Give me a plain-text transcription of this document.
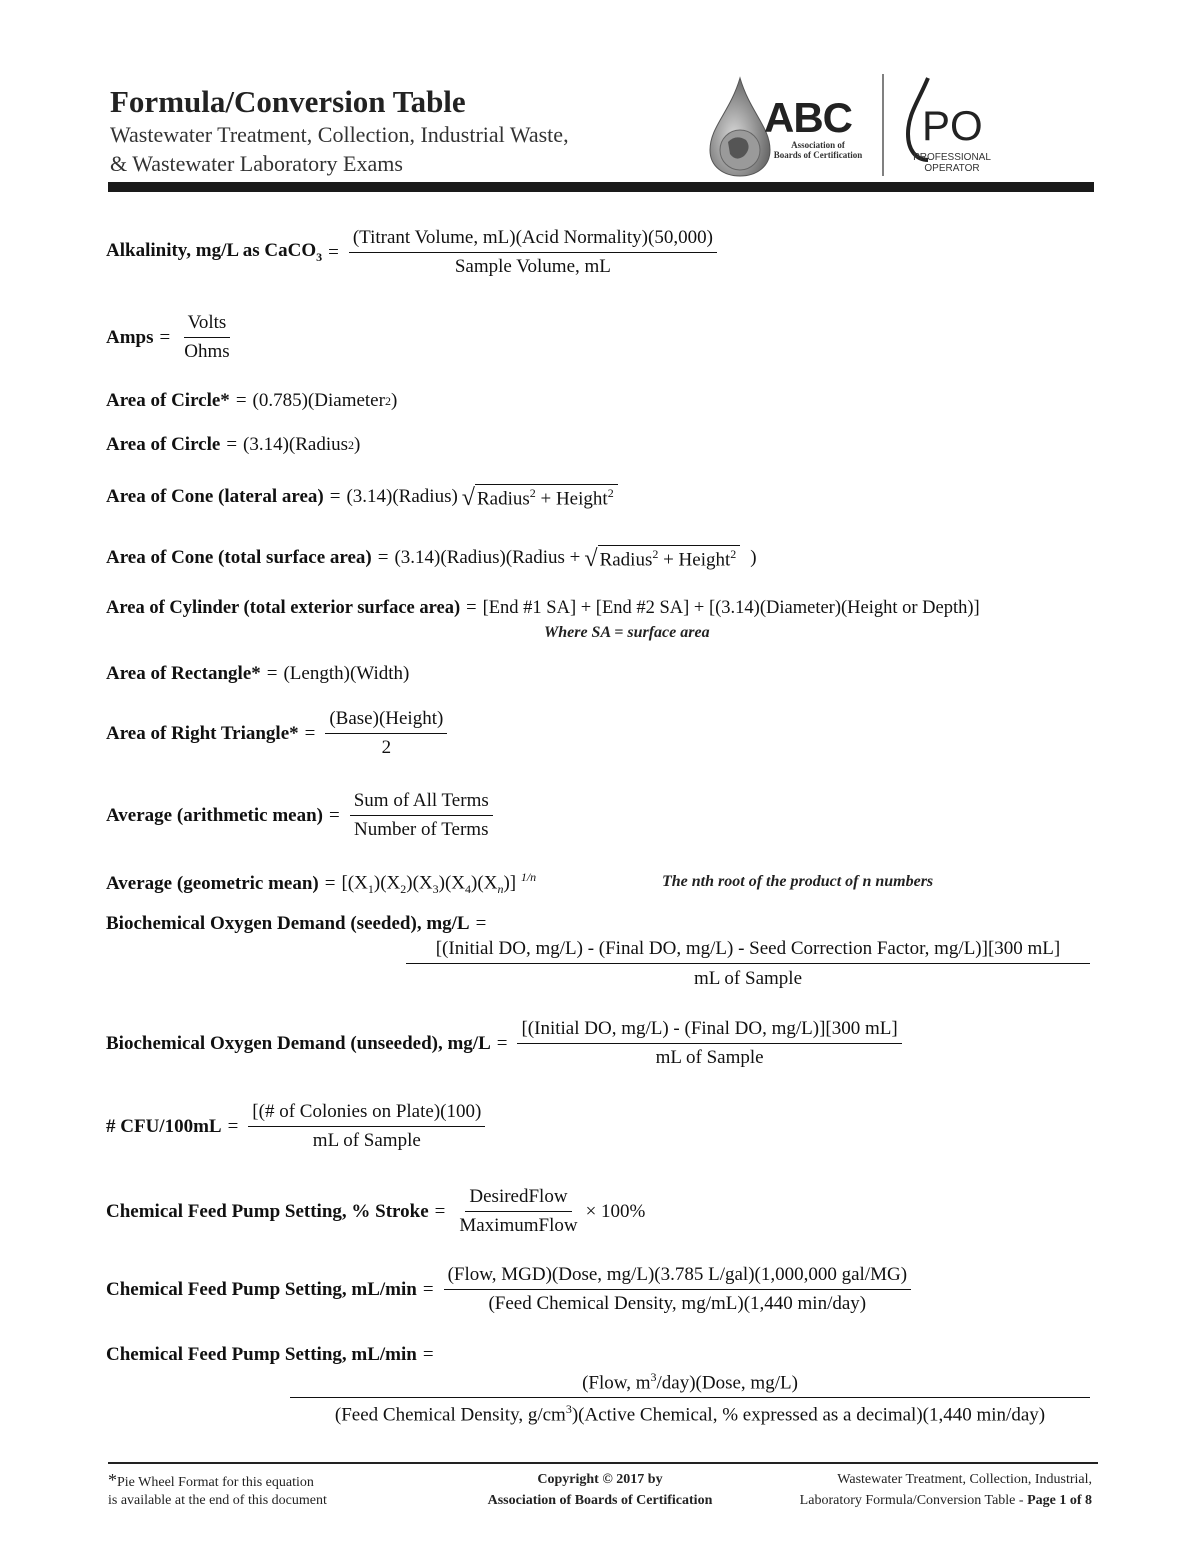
Formula/Conversion Table
Wastewater Treatment, Collection, Industrial Waste,
& Wastewater Laboratory Exams
ABC
Association of
Boards of Certification
PO
PROFESSIONAL
OPERATOR
Alkalinity, mg/L as CaCO$_3$ = $\frac{\text{(Titrant Volume, mL)(Acid Normality)(50,000)}}{\text{Sample Volume, mL}}$
Amps = $\frac{\text{Volts}}{\text{Ohms}}$
Area of Circle* = (0.785)(Diameter 2 )
Area of Circle = (3.14)(Radius 2 )
Area of Cone (lateral area) = (3.14)(Radius) √ Radius$^2$ + Height$^2$
Area of Cone (total surface area) = (3.14)(Radius)(Radius + √ Radius$^2$ + Height$^2$ )
Area of Cylinder (total exterior surface area) = [End #1 SA] + [End #2 SA] + [(3.14)(Diameter)(Height or Depth)]
Where SA = surface area
Area of Rectangle* = (Length)(Width)
Area of Right Triangle* = $\frac{\text{(Base)(Height)}}{2}$
Average (arithmetic mean) = $\frac{\text{Sum of All Terms}}{\text{Number of Terms}}$
Average (geometric mean) = $[(X_1)(X_2)(X_3)(X_4)(X_n)]$ $^{1/n}$	The nth root of the product of n numbers
Biochemical Oxygen Demand (seeded), mg/L =
[(Initial DO, mg/L) - (Final DO, mg/L) - Seed Correction Factor, mg/L)][300 mL]
mL of Sample
Biochemical Oxygen Demand (unseeded), $mg/L = \frac{\text{[(Initial DO, mg/L) - (Final DO, mg/L)][300 mL]}}{\text{mL of Sample}}$
# $CFU/100mL = \frac{\text{[(\# of Colonies on Plate)(100)}}{\text{mL of Sample}}$
Chemical Feed Pump Setting, % Stroke = $\frac{\text{DesiredFlow}}{\text{MaximumFlow}} \times 100\%$
Chemical Feed Pump Setting, $mL/\min = \frac{\text{(Flow, MGD)(Dose, mg/L)(3.785 L/gal)(1,000,000 gal/MG)}}{\text{(Feed Chemical Density, mg/mL)(1,440 min/day)}}$
Chemical Feed Pump Setting, mL/min =
(Flow, $m^3/day)(Dose$, mg/L)
(Feed Chemical Density, $g/cm^3)(Active$ Chemical, % expressed as a decimal)(1,440 min/day)
*Pie Wheel Format for this equation
is available at the end of this document
Copyright © 2017 by
Association of Boards of Certification
Wastewater Treatment, Collection, Industrial,
Laboratory Formula/Conversion Table - Page 1 of 8
